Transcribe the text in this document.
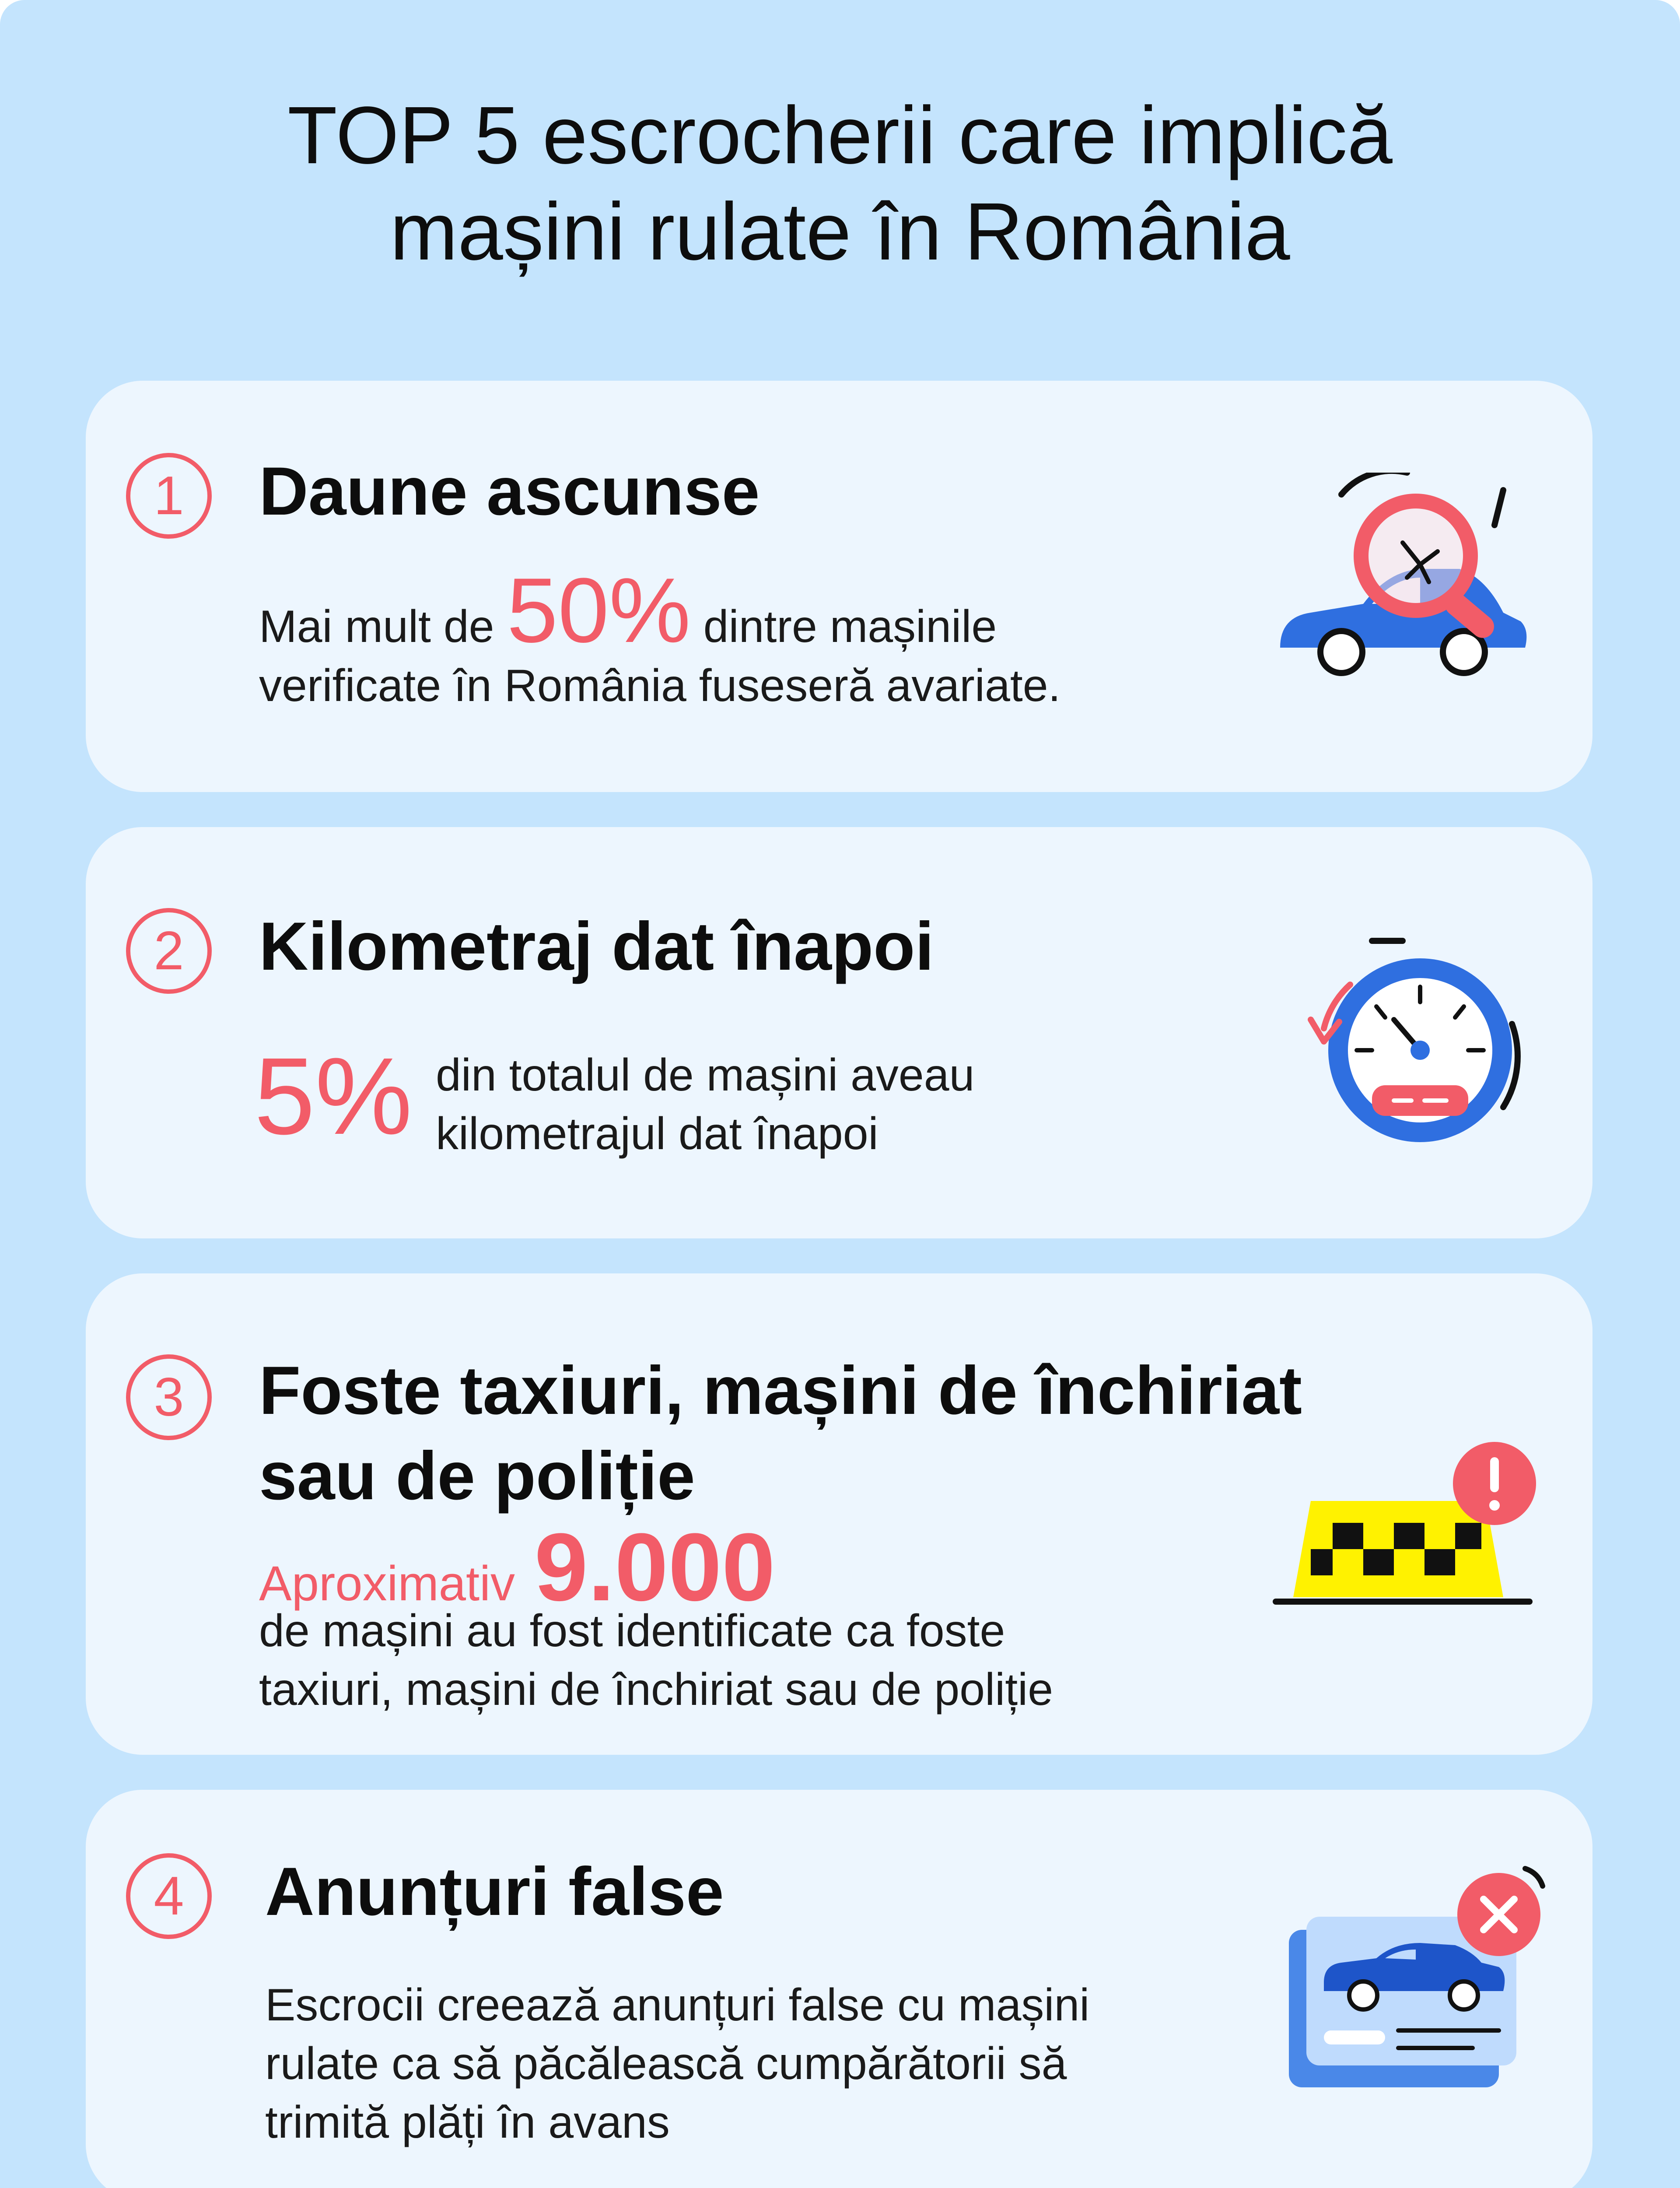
TOP 5 escrocherii care implică
mașini rulate în România
1	Daune ascunse
Mai mult de 50% dintre mașinile
verificate în România fuseseră avariate.
2	Kilometraj dat înapoi
5% din totalul de mașini aveau
kilometrajul dat înapoi
3	Foste taxiuri, mașini de închiriat
sau de poliție
Aproximativ 9.000
de mașini au fost identificate ca foste
taxiuri, mașini de închiriat sau de poliție
4	Anunțuri false
Escrocii creează anunțuri false cu mașini
rulate ca să păcălească cumpărătorii să
trimită plăți în avans
